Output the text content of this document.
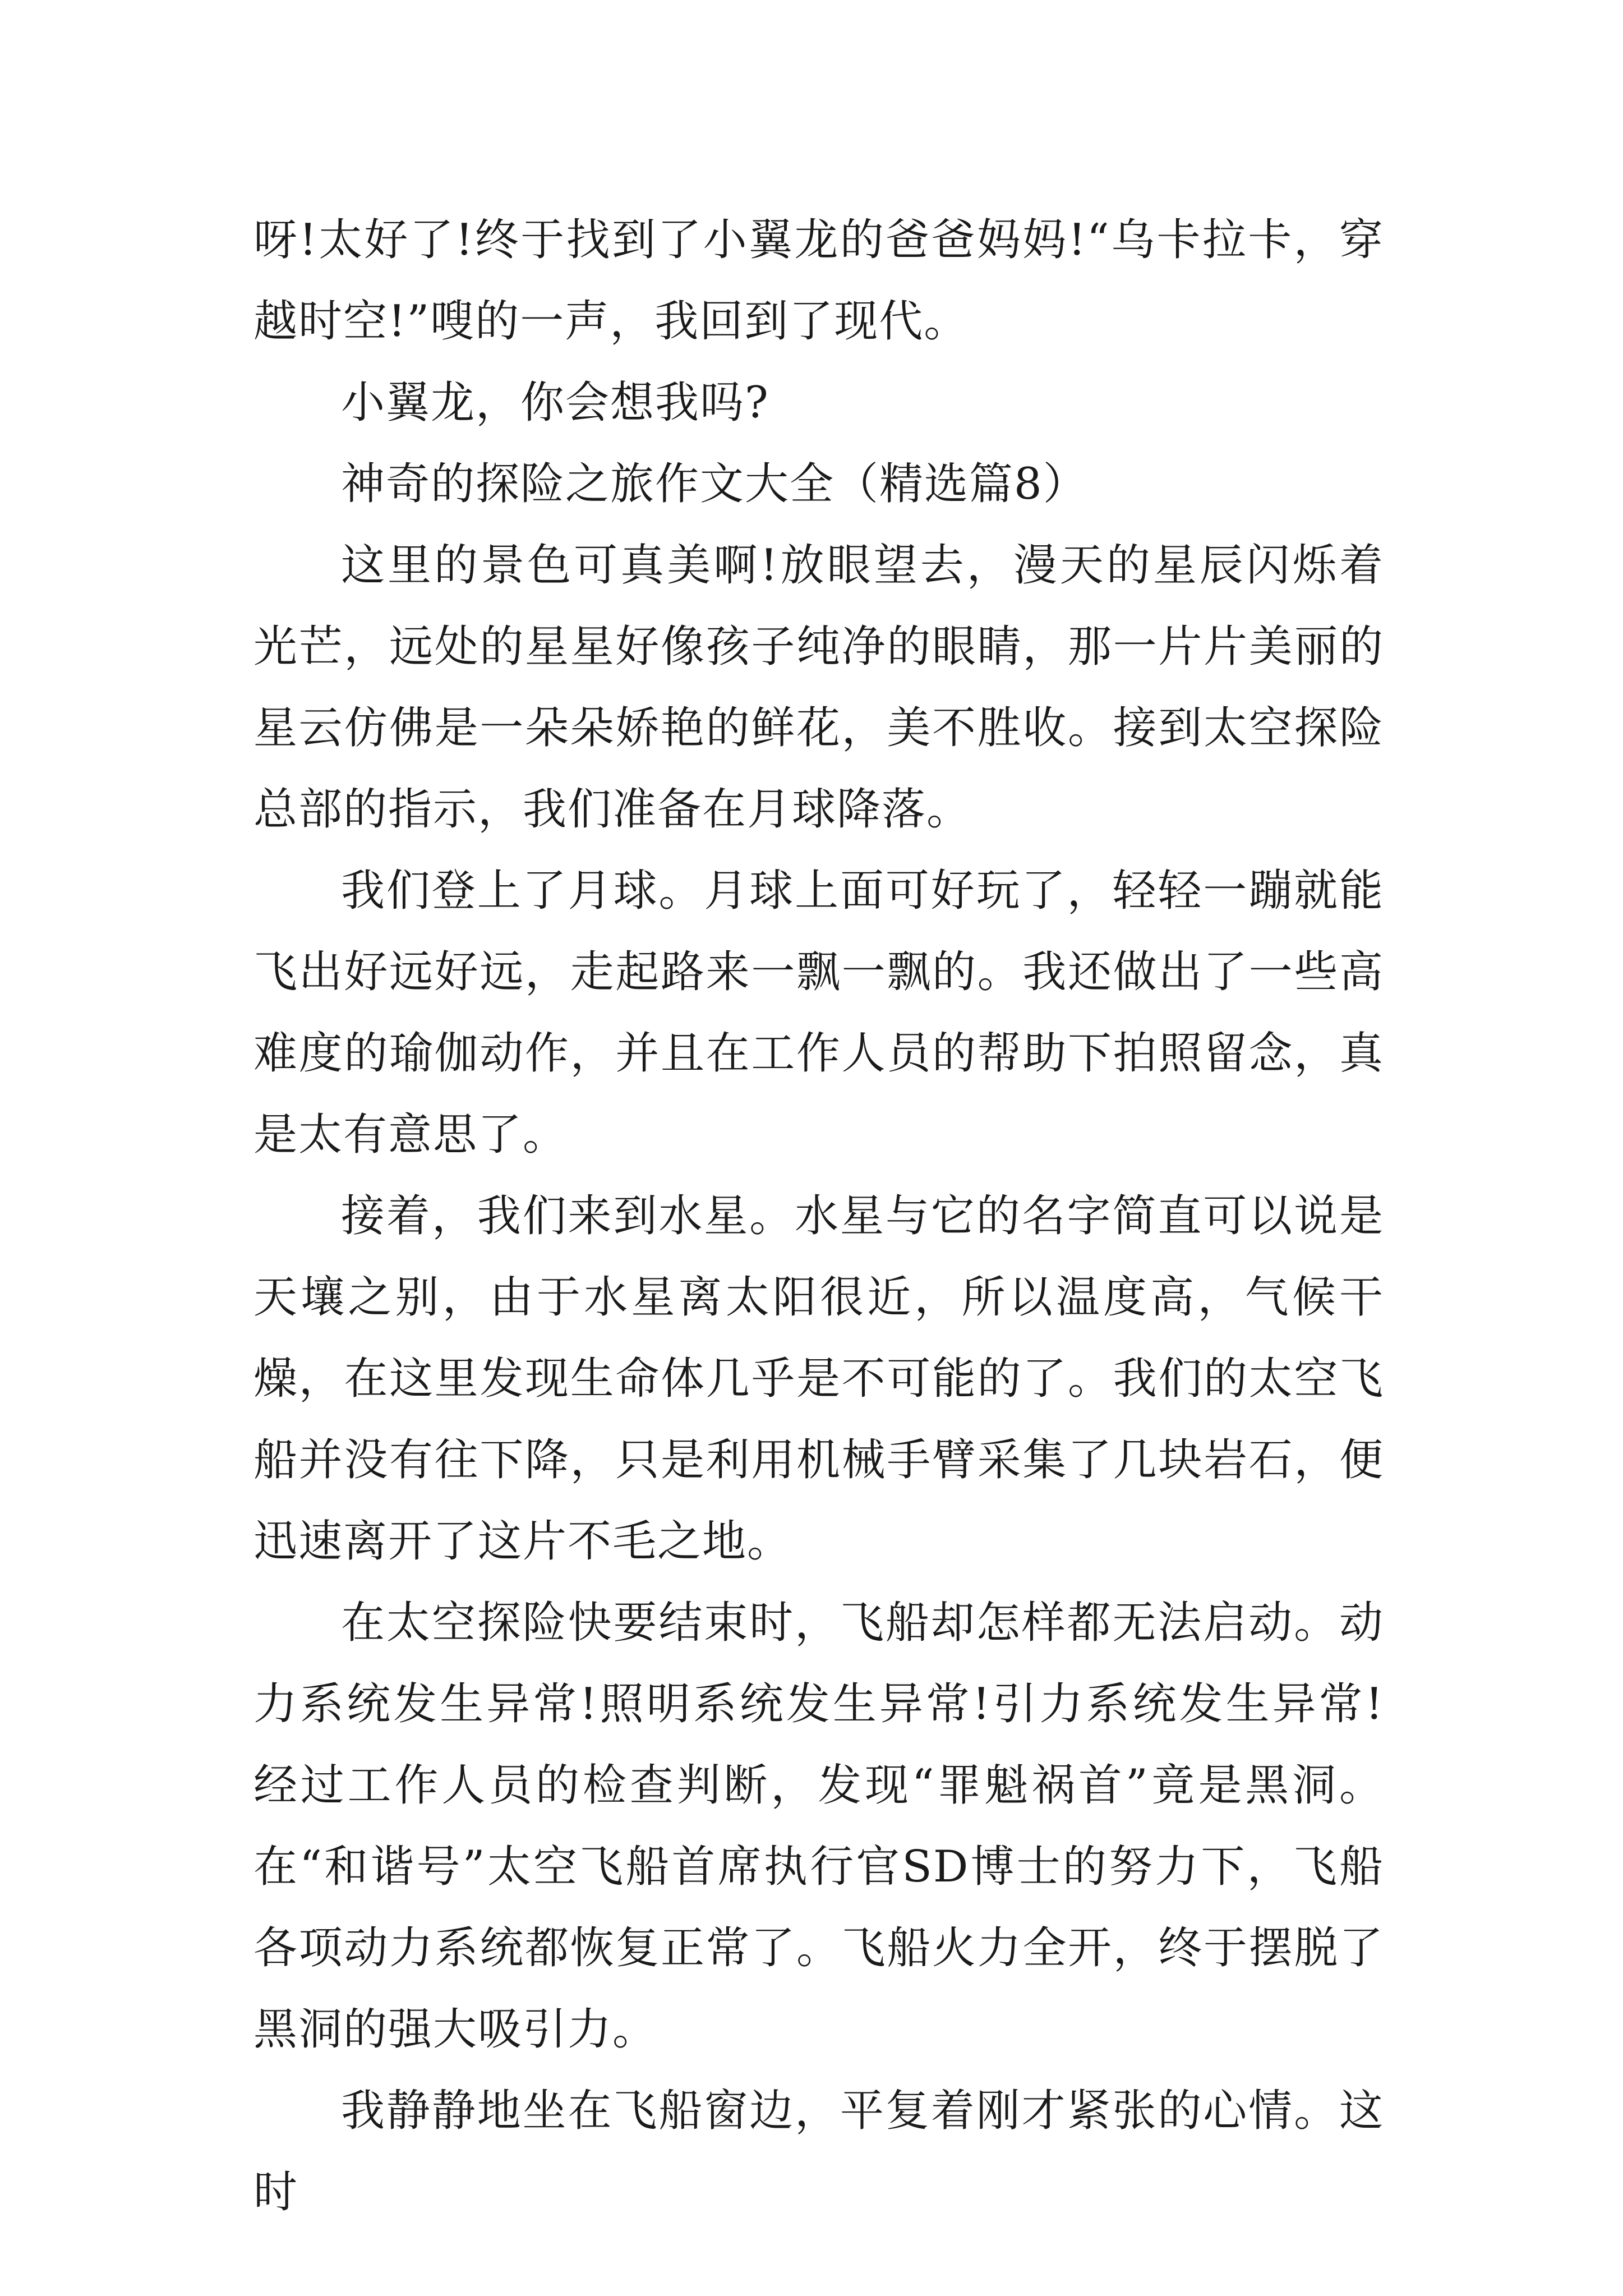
呀!太好了!终于找到了小翼龙的爸爸妈妈!“乌卡拉卡，穿越时空!”嗖的一声，我回到了现代。

小翼龙，你会想我吗?

神奇的探险之旅作文大全（精选篇8）

这里的景色可真美啊!放眼望去，漫天的星辰闪烁着光芒，远处的星星好像孩子纯净的眼睛，那一片片美丽的星云仿佛是一朵朵娇艳的鲜花，美不胜收。接到太空探险总部的指示，我们准备在月球降落。

我们登上了月球。月球上面可好玩了，轻轻一蹦就能飞出好远好远，走起路来一飘一飘的。我还做出了一些高难度的瑜伽动作，并且在工作人员的帮助下拍照留念，真是太有意思了。

接着，我们来到水星。水星与它的名字简直可以说是天壤之别，由于水星离太阳很近，所以温度高，气候干燥，在这里发现生命体几乎是不可能的了。我们的太空飞船并没有往下降，只是利用机械手臂采集了几块岩石，便迅速离开了这片不毛之地。

在太空探险快要结束时，飞船却怎样都无法启动。动力系统发生异常!照明系统发生异常!引力系统发生异常!经过工作人员的检查判断，发现“罪魁祸首”竟是黑洞。在“和谐号”太空飞船首席执行官SD博士的努力下，飞船各项动力系统都恢复正常了。飞船火力全开，终于摆脱了黑洞的强大吸引力。

我静静地坐在飞船窗边，平复着刚才紧张的心情。这时
